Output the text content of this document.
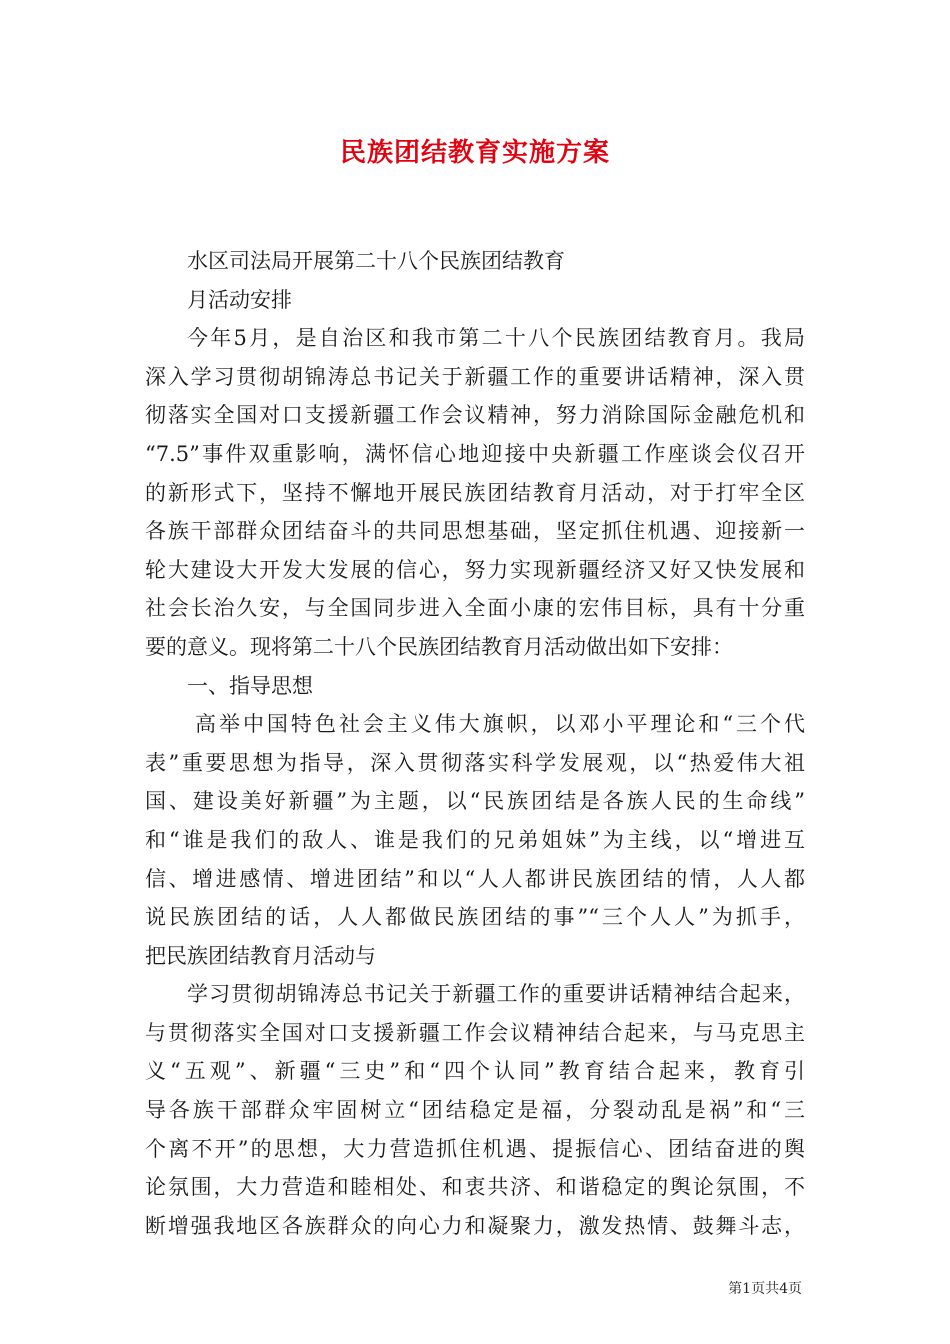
民族团结教育实施方案
水区司法局开展第二十八个民族团结教育
月活动安排
今年5月，是自治区和我市第二十八个民族团结教育月。我局
深入学习贯彻胡锦涛总书记关于新疆工作的重要讲话精神，深入贯
彻落实全国对口支援新疆工作会议精神，努力消除国际金融危机和
“7.5”事件双重影响，满怀信心地迎接中央新疆工作座谈会仪召开
的新形式下，坚持不懈地开展民族团结教育月活动，对于打牢全区
各族干部群众团结奋斗的共同思想基础，坚定抓住机遇、迎接新一
轮大建设大开发大发展的信心，努力实现新疆经济又好又快发展和
社会长治久安，与全国同步进入全面小康的宏伟目标，具有十分重
要的意义。现将第二十八个民族团结教育月活动做出如下安排：
一、指导思想
高举中国特色社会主义伟大旗帜，以邓小平理论和“三个代
表”重要思想为指导，深入贯彻落实科学发展观，以“热爱伟大祖
国、建设美好新疆”为主题，以“民族团结是各族人民的生命线”
和“谁是我们的敌人、谁是我们的兄弟姐妹”为主线，以“增进互
信、增进感情、增进团结”和以“人人都讲民族团结的情，人人都
说民族团结的话，人人都做民族团结的事”“三个人人”为抓手，
把民族团结教育月活动与
学习贯彻胡锦涛总书记关于新疆工作的重要讲话精神结合起来，
与贯彻落实全国对口支援新疆工作会议精神结合起来，与马克思主
义“五观”、新疆“三史”和“四个认同”教育结合起来，教育引
导各族干部群众牢固树立“团结稳定是福，分裂动乱是祸”和“三
个离不开”的思想，大力营造抓住机遇、提振信心、团结奋进的舆
论氛围，大力营造和睦相处、和衷共济、和谐稳定的舆论氛围，不
断增强我地区各族群众的向心力和凝聚力，激发热情、鼓舞斗志，
第1页共4页
